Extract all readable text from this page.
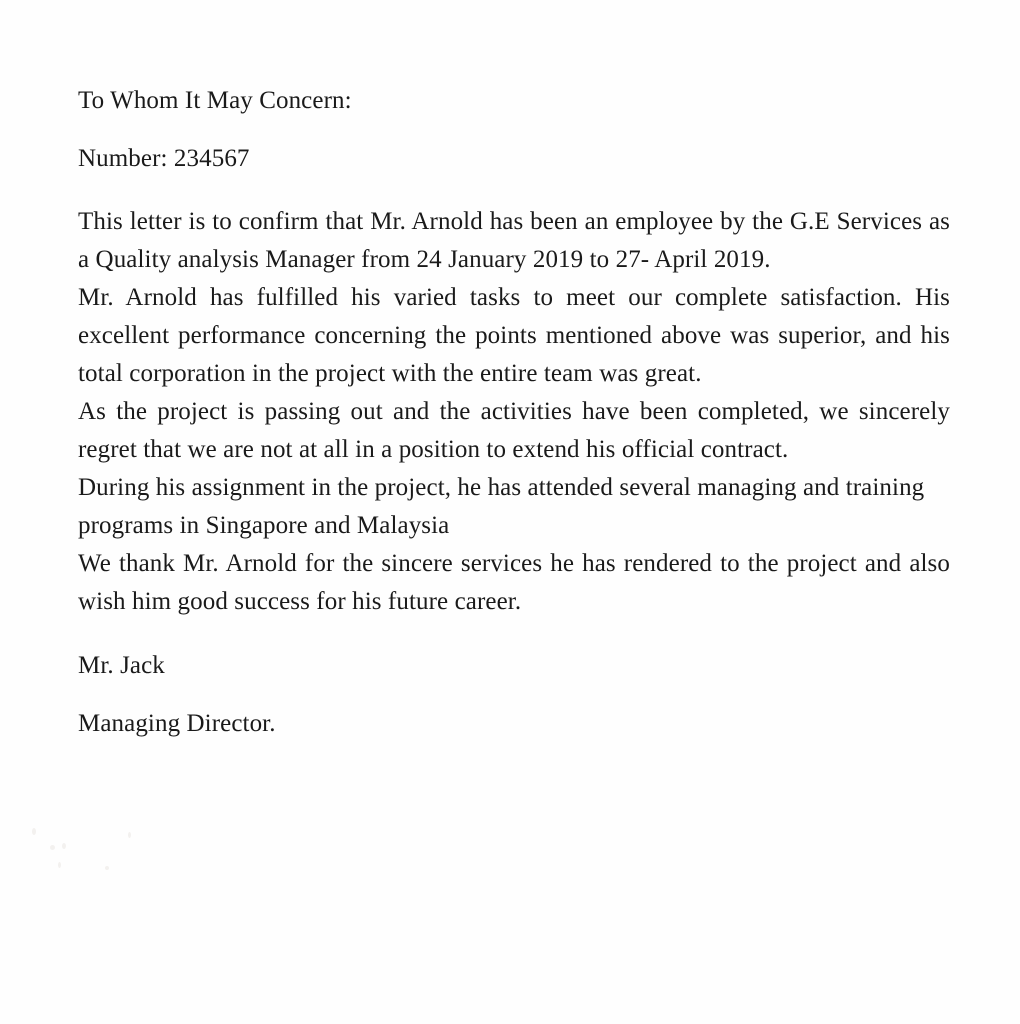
To Whom It May Concern:
Number: 234567

This letter is to confirm that Mr. Arnold has been an employee by the G.E Services as a Quality analysis Manager from 24 January 2019 to 27- April 2019.

Mr. Arnold has fulfilled his varied tasks to meet our complete satisfaction. His excellent performance concerning the points mentioned above was superior, and his total corporation in the project with the entire team was great.

As the project is passing out and the activities have been completed, we sincerely regret that we are not at all in a position to extend his official contract.

During his assignment in the project, he has attended several managing and training programs in Singapore and Malaysia

We thank Mr. Arnold for the sincere services he has rendered to the project and also wish him good success for his future career.

Mr. Jack
Managing Director.
